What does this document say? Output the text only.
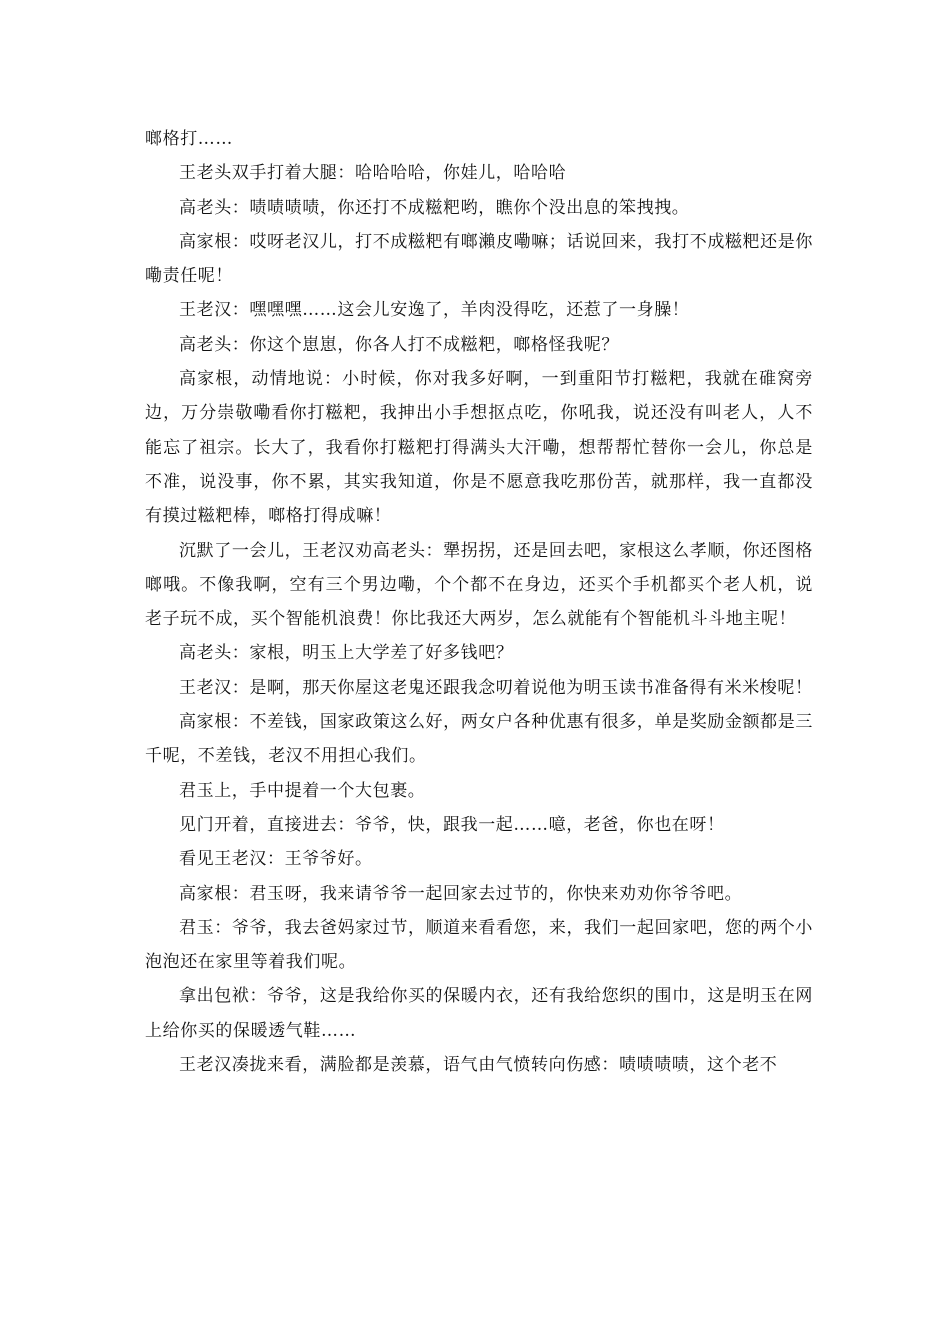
啷格打……

王老头双手打着大腿：哈哈哈哈，你娃儿，哈哈哈

高老头：啧啧啧啧，你还打不成糍粑哟，瞧你个没出息的笨拽拽。

高家根：哎呀老汉儿，打不成糍粑有啷瀨皮嘞嘛；话说回来，我打不成糍粑还是你嘞责任呢！

王老汉：嘿嘿嘿……这会儿安逸了，羊肉没得吃，还惹了一身臊！

高老头：你这个崽崽，你各人打不成糍粑，啷格怪我呢？

高家根，动情地说：小时候，你对我多好啊，一到重阳节打糍粑，我就在碓窝旁边，万分崇敬嘞看你打糍粑，我抻出小手想抠点吃，你吼我，说还没有叫老人，人不能忘了祖宗。长大了，我看你打糍粑打得满头大汗嘞，想帮帮忙替你一会儿，你总是不准，说没事，你不累，其实我知道，你是不愿意我吃那份苦，就那样，我一直都没有摸过糍粑棒，啷格打得成嘛！

沉默了一会儿，王老汉劝高老头：犟拐拐，还是回去吧，家根这么孝顺，你还图格啷哦。不像我啊，空有三个男边嘞，个个都不在身边，还买个手机都买个老人机，说老子玩不成，买个智能机浪费！你比我还大两岁，怎么就能有个智能机斗斗地主呢！

高老头：家根，明玉上大学差了好多钱吧？

王老汉：是啊，那天你屋这老鬼还跟我念叨着说他为明玉读书准备得有米米梭呢！

高家根：不差钱，国家政策这么好，两女户各种优惠有很多，单是奖励金额都是三千呢，不差钱，老汉不用担心我们。

君玉上，手中提着一个大包裹。

见门开着，直接进去：爷爷，快，跟我一起……噫，老爸，你也在呀！

看见王老汉：王爷爷好。

高家根：君玉呀，我来请爷爷一起回家去过节的，你快来劝劝你爷爷吧。

君玉：爷爷，我去爸妈家过节，顺道来看看您，来，我们一起回家吧，您的两个小泡泡还在家里等着我们呢。

拿出包袱：爷爷，这是我给你买的保暖内衣，还有我给您织的围巾，这是明玉在网上给你买的保暖透气鞋……

王老汉凑拢来看，满脸都是羡慕，语气由气愤转向伤感：啧啧啧啧，这个老不
